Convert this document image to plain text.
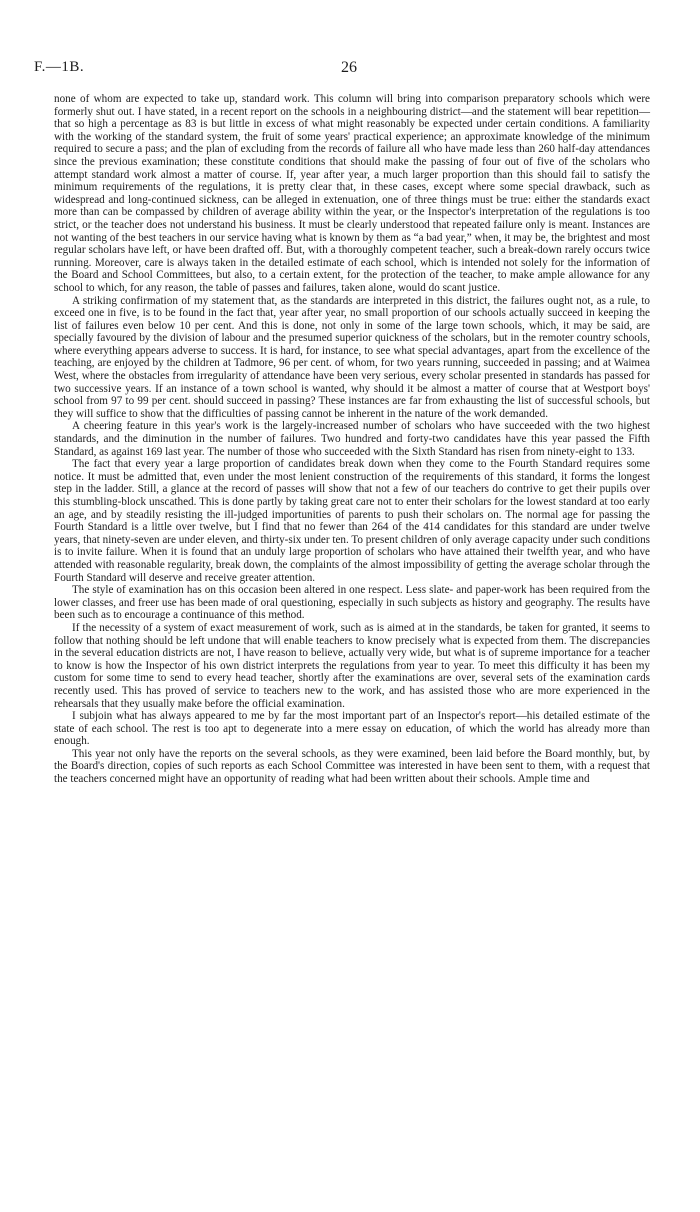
F.—1B.	26

none of whom are expected to take up, standard work. This column will bring into comparison preparatory schools which were formerly shut out. I have stated, in a recent report on the schools in a neighbouring district—and the statement will bear repetition—that so high a percentage as 83 is but little in excess of what might reasonably be expected under certain conditions. A familiarity with the working of the standard system, the fruit of some years' practical experience; an approximate knowledge of the minimum required to secure a pass; and the plan of excluding from the records of failure all who have made less than 260 half-day attendances since the previous examination; these constitute conditions that should make the passing of four out of five of the scholars who attempt standard work almost a matter of course. If, year after year, a much larger proportion than this should fail to satisfy the minimum requirements of the regulations, it is pretty clear that, in these cases, except where some special drawback, such as widespread and long-continued sickness, can be alleged in extenuation, one of three things must be true: either the standards exact more than can be compassed by children of average ability within the year, or the Inspector's interpretation of the regulations is too strict, or the teacher does not understand his business. It must be clearly understood that repeated failure only is meant. Instances are not wanting of the best teachers in our service having what is known by them as “a bad year,” when, it may be, the brightest and most regular scholars have left, or have been drafted off. But, with a thoroughly competent teacher, such a break-down rarely occurs twice running. Moreover, care is always taken in the detailed estimate of each school, which is intended not solely for the information of the Board and School Committees, but also, to a certain extent, for the protection of the teacher, to make ample allowance for any school to which, for any reason, the table of passes and failures, taken alone, would do scant justice.

A striking confirmation of my statement that, as the standards are interpreted in this district, the failures ought not, as a rule, to exceed one in five, is to be found in the fact that, year after year, no small proportion of our schools actually succeed in keeping the list of failures even below 10 per cent. And this is done, not only in some of the large town schools, which, it may be said, are specially favoured by the division of labour and the presumed superior quickness of the scholars, but in the remoter country schools, where everything appears adverse to success. It is hard, for instance, to see what special advantages, apart from the excellence of the teaching, are enjoyed by the children at Tadmore, 96 per cent. of whom, for two years running, succeeded in passing; and at Waimea West, where the obstacles from irregularity of attendance have been very serious, every scholar presented in standards has passed for two successive years. If an instance of a town school is wanted, why should it be almost a matter of course that at Westport boys' school from 97 to 99 per cent. should succeed in passing? These instances are far from exhausting the list of successful schools, but they will suffice to show that the difficulties of passing cannot be inherent in the nature of the work demanded.

A cheering feature in this year's work is the largely-increased number of scholars who have succeeded with the two highest standards, and the diminution in the number of failures. Two hundred and forty-two candidates have this year passed the Fifth Standard, as against 169 last year. The number of those who succeeded with the Sixth Standard has risen from ninety-eight to 133.

The fact that every year a large proportion of candidates break down when they come to the Fourth Standard requires some notice. It must be admitted that, even under the most lenient construction of the requirements of this standard, it forms the longest step in the ladder. Still, a glance at the record of passes will show that not a few of our teachers do contrive to get their pupils over this stumbling-block unscathed. This is done partly by taking great care not to enter their scholars for the lowest standard at too early an age, and by steadily resisting the ill-judged importunities of parents to push their scholars on. The normal age for passing the Fourth Standard is a little over twelve, but I find that no fewer than 264 of the 414 candidates for this standard are under twelve years, that ninety-seven are under eleven, and thirty-six under ten. To present children of only average capacity under such conditions is to invite failure. When it is found that an unduly large proportion of scholars who have attained their twelfth year, and who have attended with reasonable regularity, break down, the complaints of the almost impossibility of getting the average scholar through the Fourth Standard will deserve and receive greater attention.

The style of examination has on this occasion been altered in one respect. Less slate- and paper-work has been required from the lower classes, and freer use has been made of oral questioning, especially in such subjects as history and geography. The results have been such as to encourage a continuance of this method.

If the necessity of a system of exact measurement of work, such as is aimed at in the standards, be taken for granted, it seems to follow that nothing should be left undone that will enable teachers to know precisely what is expected from them. The discrepancies in the several education districts are not, I have reason to believe, actually very wide, but what is of supreme importance for a teacher to know is how the Inspector of his own district interprets the regulations from year to year. To meet this difficulty it has been my custom for some time to send to every head teacher, shortly after the examinations are over, several sets of the examination cards recently used. This has proved of service to teachers new to the work, and has assisted those who are more experienced in the rehearsals that they usually make before the official examination.

I subjoin what has always appeared to me by far the most important part of an Inspector's report—his detailed estimate of the state of each school. The rest is too apt to degenerate into a mere essay on education, of which the world has already more than enough.

This year not only have the reports on the several schools, as they were examined, been laid before the Board monthly, but, by the Board's direction, copies of such reports as each School Committee was interested in have been sent to them, with a request that the teachers concerned might have an opportunity of reading what had been written about their schools. Ample time and
